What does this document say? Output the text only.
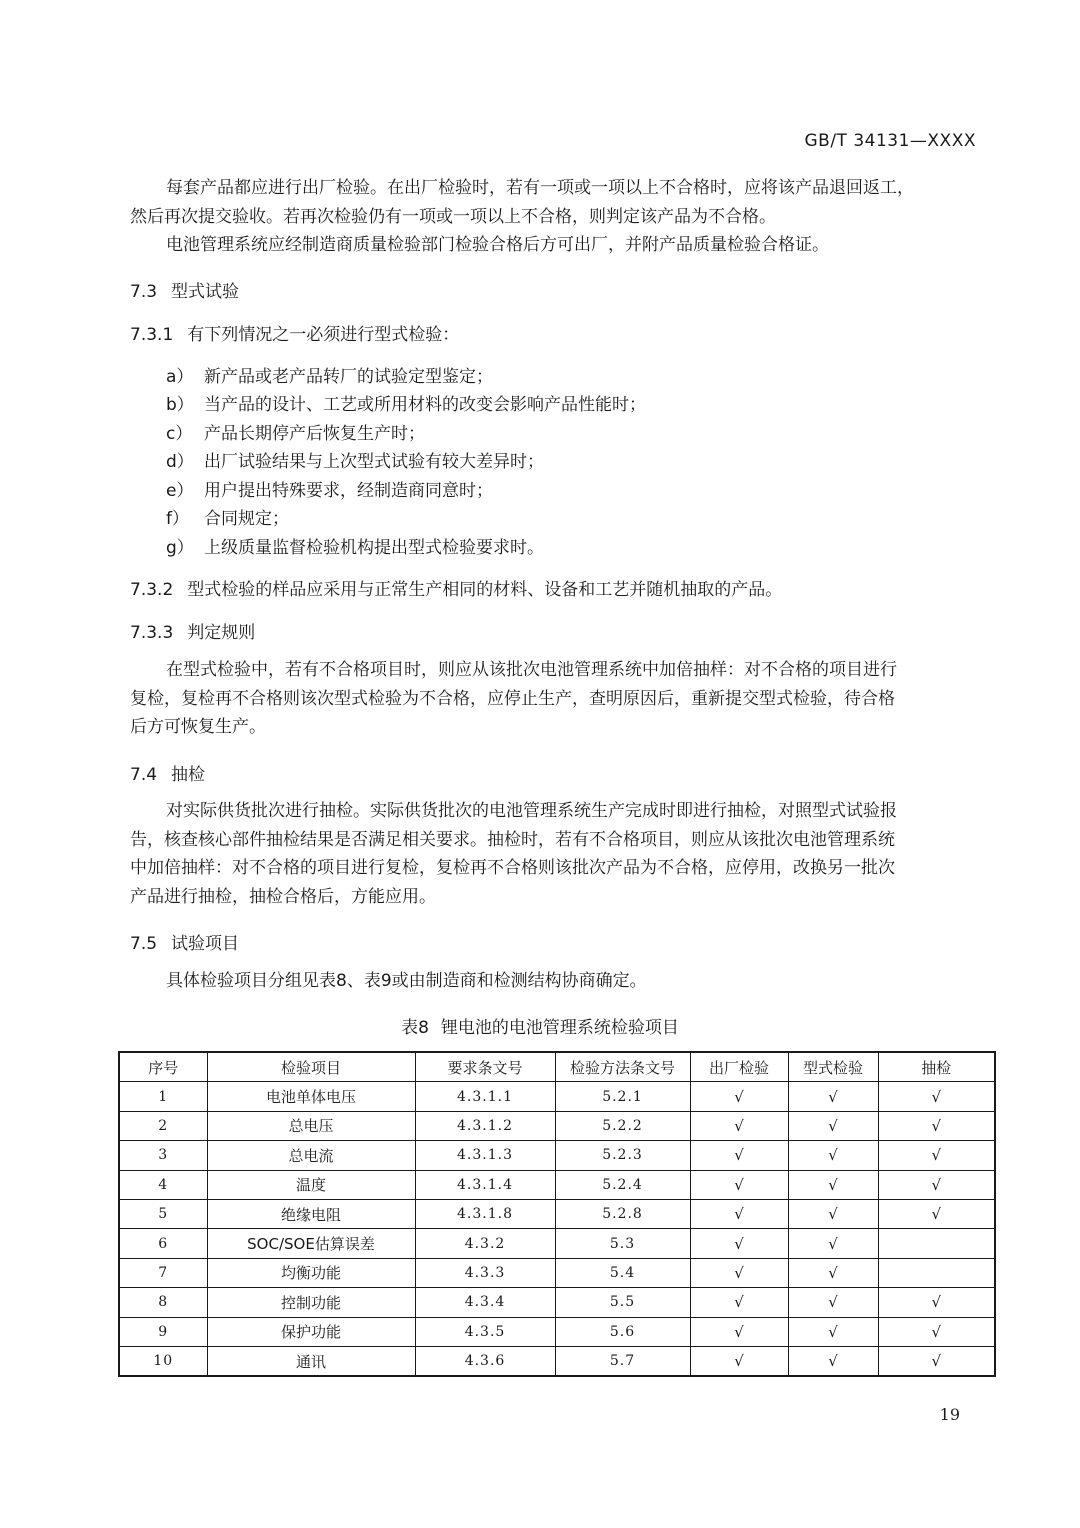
GB/T 34131—XXXX
每套产品都应进行出厂检验。在出厂检验时，若有一项或一项以上不合格时，应将该产品退回返工，
然后再次提交验收。若再次检验仍有一项或一项以上不合格，则判定该产品为不合格。
电池管理系统应经制造商质量检验部门检验合格后方可出厂，并附产品质量检验合格证。
7.3 型式试验
7.3.1 有下列情况之一必须进行型式检验：
a） 新产品或老产品转厂的试验定型鉴定；
b） 当产品的设计、工艺或所用材料的改变会影响产品性能时；
c） 产品长期停产后恢复生产时；
d） 出厂试验结果与上次型式试验有较大差异时；
e） 用户提出特殊要求，经制造商同意时；
f） 合同规定；
g） 上级质量监督检验机构提出型式检验要求时。
7.3.2 型式检验的样品应采用与正常生产相同的材料、设备和工艺并随机抽取的产品。
7.3.3 判定规则
在型式检验中，若有不合格项目时，则应从该批次电池管理系统中加倍抽样：对不合格的项目进行
复检，复检再不合格则该次型式检验为不合格，应停止生产，查明原因后，重新提交型式检验，待合格
后方可恢复生产。
7.4 抽检
对实际供货批次进行抽检。实际供货批次的电池管理系统生产完成时即进行抽检，对照型式试验报
告，核查核心部件抽检结果是否满足相关要求。抽检时，若有不合格项目，则应从该批次电池管理系统
中加倍抽样：对不合格的项目进行复检，复检再不合格则该批次产品为不合格，应停用，改换另一批次
产品进行抽检，抽检合格后，方能应用。
7.5 试验项目
具体检验项目分组见表8、表9或由制造商和检测结构协商确定。
表8 锂电池的电池管理系统检验项目
序号	检验项目	要求条文号	检验方法条文号	出厂检验	型式检验	抽检
1	电池单体电压	4.3.1.1	5.2.1	√	√	√
2	总电压	4.3.1.2	5.2.2	√	√	√
3	总电流	4.3.1.3	5.2.3	√	√	√
4	温度	4.3.1.4	5.2.4	√	√	√
5	绝缘电阻	4.3.1.8	5.2.8	√	√	√
6	SOC/SOE估算误差	4.3.2	5.3	√	√	
7	均衡功能	4.3.3	5.4	√	√	
8	控制功能	4.3.4	5.5	√	√	√
9	保护功能	4.3.5	5.6	√	√	√
10	通讯	4.3.6	5.7	√	√	√
19
